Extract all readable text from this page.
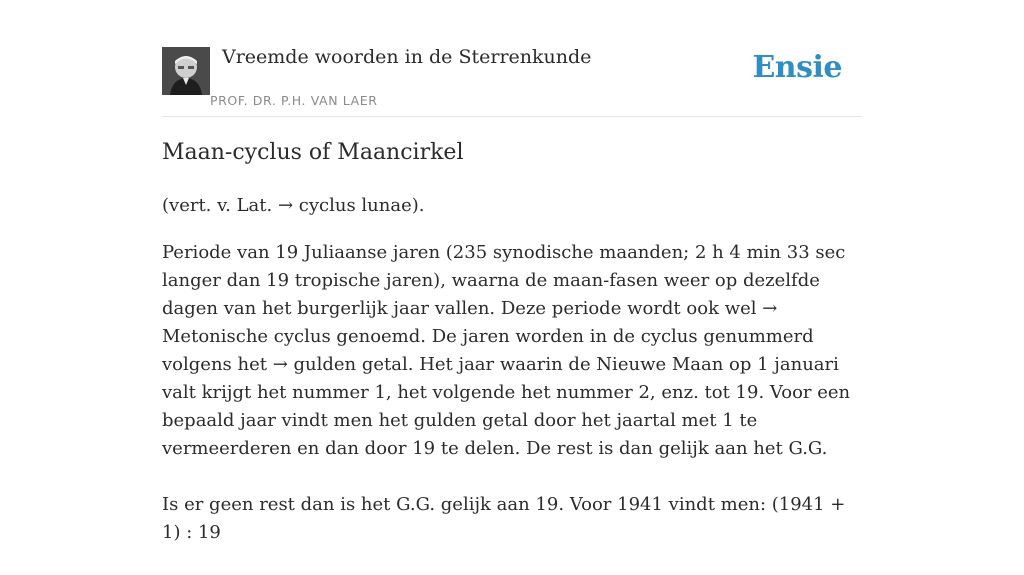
Vreemde woorden in de Sterrenkunde
PROF. DR. P.H. VAN LAER
Ensie
Maan-cyclus of Maancirkel
(vert. v. Lat. → cyclus lunae).

Periode van 19 Juliaanse jaren (235 synodische maanden; 2 h 4 min 33 sec langer dan 19 tropische jaren), waarna de maan-fasen weer op dezelfde dagen van het burgerlijk jaar vallen. Deze periode wordt ook wel → Metonische cyclus genoemd. De jaren worden in de cyclus genummerd volgens het → gulden getal. Het jaar waarin de Nieuwe Maan op 1 januari valt krijgt het nummer 1, het volgende het nummer 2, enz. tot 19. Voor een bepaald jaar vindt men het gulden getal door het jaartal met 1 te vermeerderen en dan door 19 te delen. De rest is dan gelijk aan het G.G.

Is er geen rest dan is het G.G. gelijk aan 19. Voor 1941 vindt men: (1941 + 1) : 19
